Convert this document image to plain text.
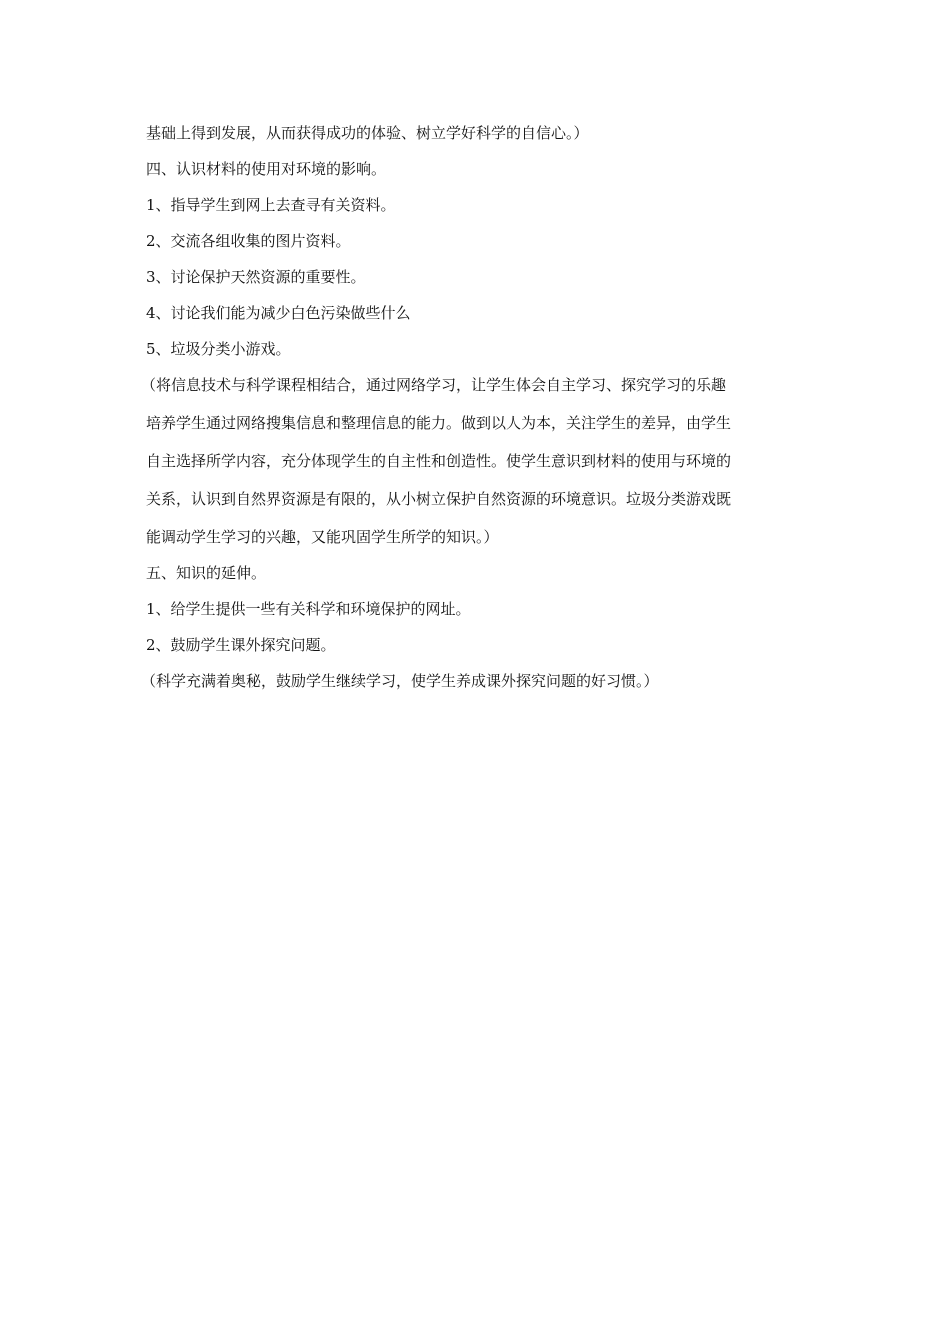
基础上得到发展，从而获得成功的体验、树立学好科学的自信心。）
四、认识材料的使用对环境的影响。
1、指导学生到网上去查寻有关资料。
2、交流各组收集的图片资料。
3、讨论保护天然资源的重要性。
4、讨论我们能为减少白色污染做些什么
5、垃圾分类小游戏。
（将信息技术与科学课程相结合，通过网络学习，让学生体会自主学习、探究学习的乐趣
培养学生通过网络搜集信息和整理信息的能力。做到以人为本，关注学生的差异，由学生
自主选择所学内容，充分体现学生的自主性和创造性。使学生意识到材料的使用与环境的
关系，认识到自然界资源是有限的，从小树立保护自然资源的环境意识。垃圾分类游戏既
能调动学生学习的兴趣，又能巩固学生所学的知识。）
五、知识的延伸。
1、给学生提供一些有关科学和环境保护的网址。
2、鼓励学生课外探究问题。
（科学充满着奥秘，鼓励学生继续学习，使学生养成课外探究问题的好习惯。）
